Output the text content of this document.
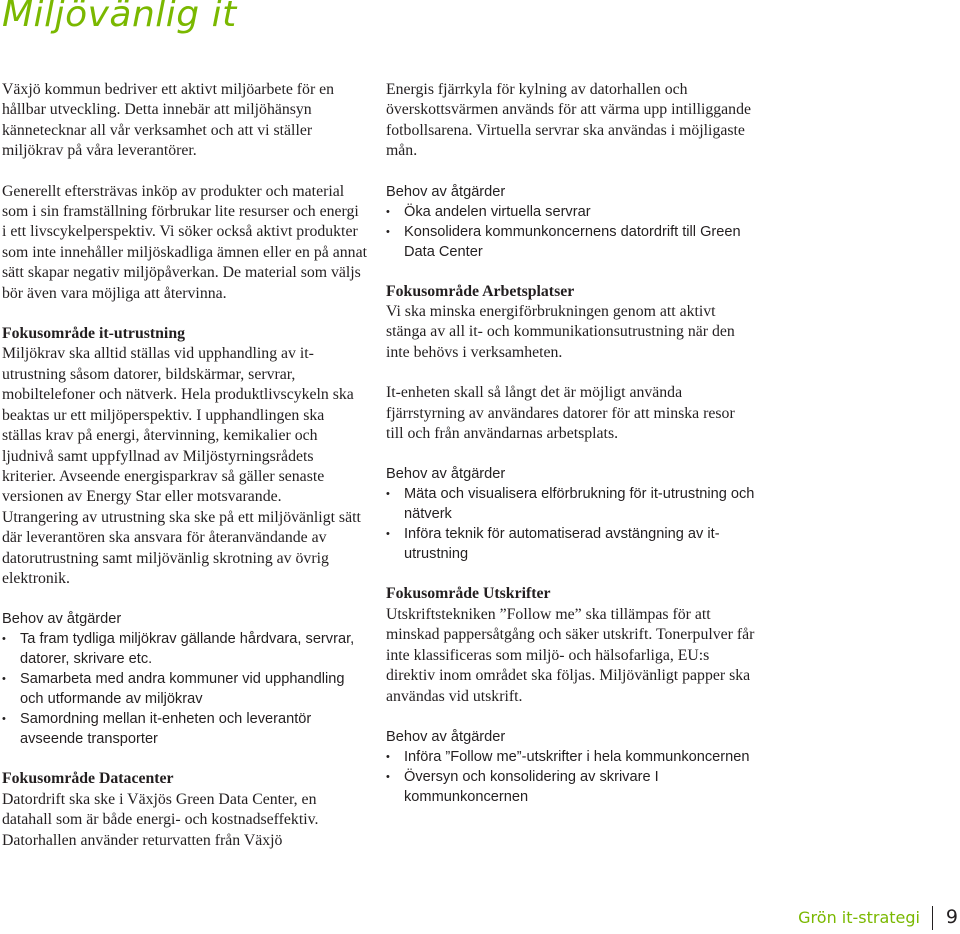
Miljövänlig it

Växjö kommun bedriver ett aktivt miljöarbete för en hållbar utveckling. Detta innebär att miljöhänsyn kännetecknar all vår verksamhet och att vi ställer miljökrav på våra leverantörer.

Generellt eftersträvas inköp av produkter och material som i sin framställning förbrukar lite resurser och energi i ett livscykelperspektiv. Vi söker också aktivt produkter som inte innehåller miljöskadliga ämnen eller en på annat sätt skapar negativ miljöpåverkan. De material som väljs bör även vara möjliga att återvinna.

Fokusområde it-utrustning

Miljökrav ska alltid ställas vid upphandling av it-utrustning såsom datorer, bildskärmar, servrar, mobiltelefoner och nätverk. Hela produktlivscykeln ska beaktas ur ett miljöperspektiv. I upphandlingen ska ställas krav på energi, återvinning, kemikalier och ljudnivå samt uppfyllnad av Miljöstyrningsrådets kriterier. Avseende energisparkrav så gäller senaste versionen av Energy Star eller motsvarande.

Utrangering av utrustning ska ske på ett miljövänligt sätt där leverantören ska ansvara för återanvändande av datorutrustning samt miljövänlig skrotning av övrig elektronik.

Behov av åtgärder

• Ta fram tydliga miljökrav gällande hårdvara, servrar, datorer, skrivare etc.
• Samarbeta med andra kommuner vid upphandling och utformande av miljökrav
• Samordning mellan it-enheten och leverantör avseende transporter

Fokusområde Datacenter

Datordrift ska ske i Växjös Green Data Center, en datahall som är både energi- och kostnadseffektiv. Datorhallen använder returvatten från Växjö

Energis fjärrkyla för kylning av datorhallen och överskottsvärmen används för att värma upp intilliggande fotbollsarena. Virtuella servrar ska användas i möjligaste mån.

Behov av åtgärder

• Öka andelen virtuella servrar
• Konsolidera kommunkoncernens datordrift till Green Data Center

Fokusområde Arbetsplatser

Vi ska minska energiförbrukningen genom att aktivt stänga av all it- och kommunikationsutrustning när den inte behövs i verksamheten.

It-enheten skall så långt det är möjligt använda fjärrstyrning av användares datorer för att minska resor till och från användarnas arbetsplats.

Behov av åtgärder

• Mäta och visualisera elförbrukning för it-utrustning och nätverk
• Införa teknik för automatiserad avstängning av it-utrustning

Fokusområde Utskrifter

Utskriftstekniken ”Follow me” ska tillämpas för att minskad pappersåtgång och säker utskrift. Tonerpulver får inte klassificeras som miljö- och hälsofarliga, EU:s direktiv inom området ska följas. Miljövänligt papper ska användas vid utskrift.

Behov av åtgärder

• Införa ”Follow me”-utskrifter i hela kommunkoncernen
• Översyn och konsolidering av skrivare I kommunkoncernen
Grön it-strategi 9
